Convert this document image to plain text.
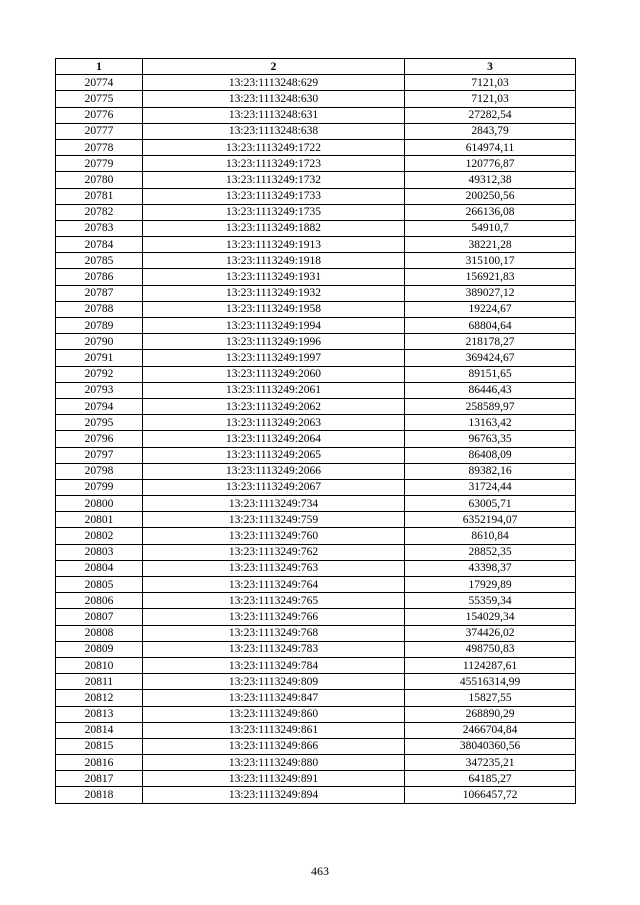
1	2	3
20774	13:23:1113248:629	7121,03
20775	13:23:1113248:630	7121,03
20776	13:23:1113248:631	27282,54
20777	13:23:1113248:638	2843,79
20778	13:23:1113249:1722	614974,11
20779	13:23:1113249:1723	120776,87
20780	13:23:1113249:1732	49312,38
20781	13:23:1113249:1733	200250,56
20782	13:23:1113249:1735	266136,08
20783	13:23:1113249:1882	54910,7
20784	13:23:1113249:1913	38221,28
20785	13:23:1113249:1918	315100,17
20786	13:23:1113249:1931	156921,83
20787	13:23:1113249:1932	389027,12
20788	13:23:1113249:1958	19224,67
20789	13:23:1113249:1994	68804,64
20790	13:23:1113249:1996	218178,27
20791	13:23:1113249:1997	369424,67
20792	13:23:1113249:2060	89151,65
20793	13:23:1113249:2061	86446,43
20794	13:23:1113249:2062	258589,97
20795	13:23:1113249:2063	13163,42
20796	13:23:1113249:2064	96763,35
20797	13:23:1113249:2065	86408,09
20798	13:23:1113249:2066	89382,16
20799	13:23:1113249:2067	31724,44
20800	13:23:1113249:734	63005,71
20801	13:23:1113249:759	6352194,07
20802	13:23:1113249:760	8610,84
20803	13:23:1113249:762	28852,35
20804	13:23:1113249:763	43398,37
20805	13:23:1113249:764	17929,89
20806	13:23:1113249:765	55359,34
20807	13:23:1113249:766	154029,34
20808	13:23:1113249:768	374426,02
20809	13:23:1113249:783	498750,83
20810	13:23:1113249:784	1124287,61
20811	13:23:1113249:809	45516314,99
20812	13:23:1113249:847	15827,55
20813	13:23:1113249:860	268890,29
20814	13:23:1113249:861	2466704,84
20815	13:23:1113249:866	38040360,56
20816	13:23:1113249:880	347235,21
20817	13:23:1113249:891	64185,27
20818	13:23:1113249:894	1066457,72
463
